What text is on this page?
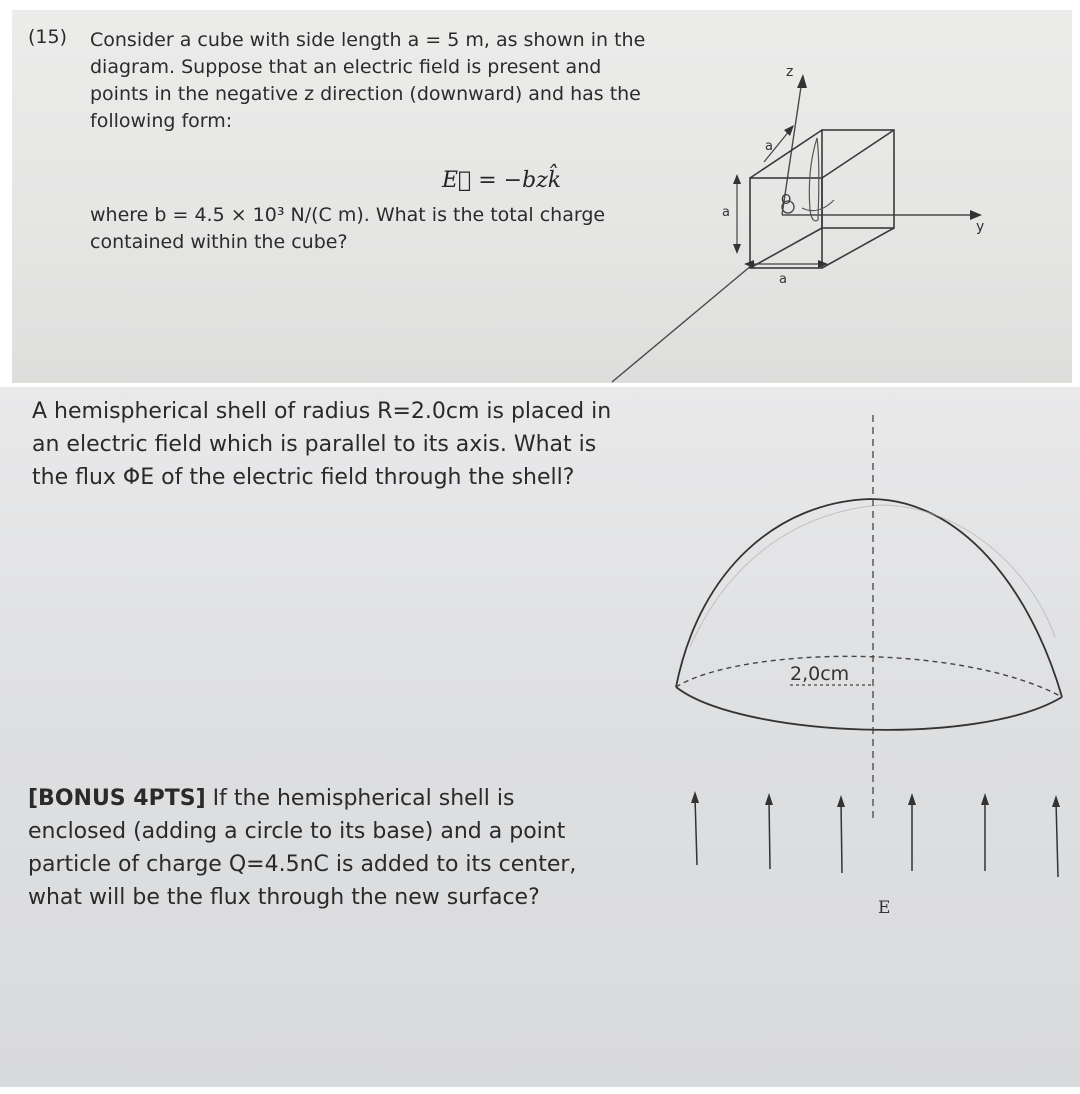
(15) Consider a cube with side length a = 5 m, as shown in the diagram. Suppose that an electric field is present and points in the negative z direction (downward) and has the following form:
E⃗ = −bzk̂
where b = 4.5 × 10³ N/(C m). What is the total charge contained within the cube?
z
y
a
a
a
O
A hemispherical shell of radius R=2.0cm is placed in an electric field which is parallel to its axis. What is the flux ΦE of the electric field through the shell?
[BONUS 4PTS] If the hemispherical shell is enclosed (adding a circle to its base) and a point particle of charge Q=4.5nC is added to its center, what will be the flux through the new surface?
2,0cm
E
